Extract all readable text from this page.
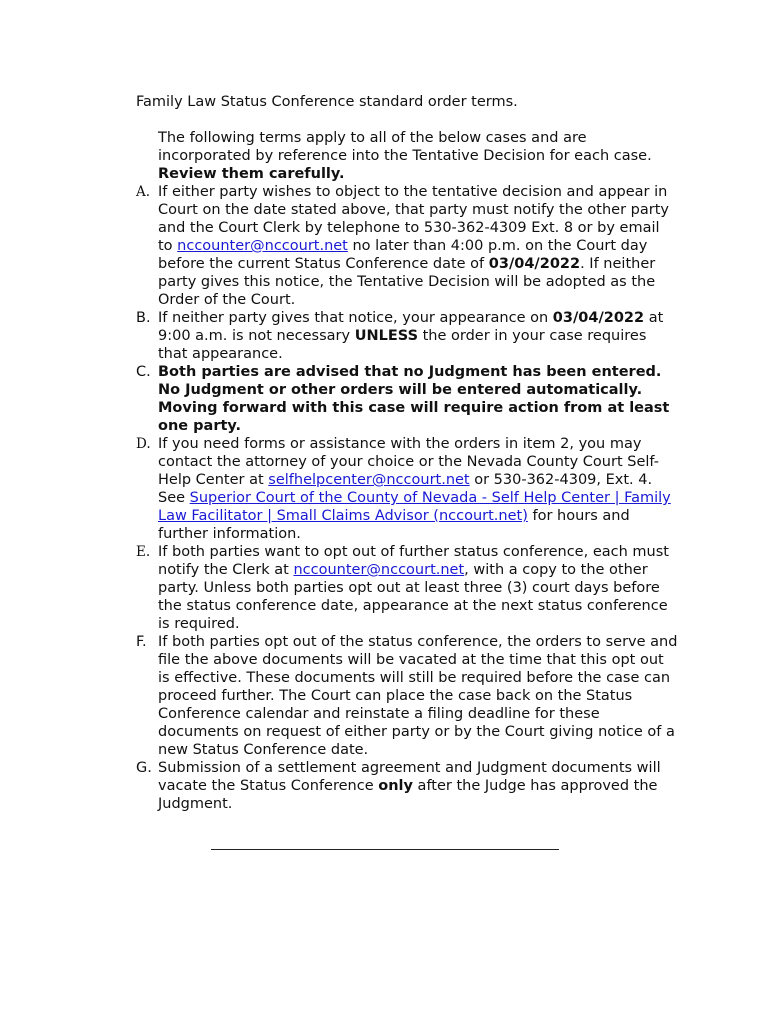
Family Law Status Conference standard order terms.
The following terms apply to all of the below cases and are incorporated by reference into the Tentative Decision for each case.   Review them carefully.
A. If either party wishes to object to the tentative decision and appear in Court on the date stated above, that party must notify the other party and the Court Clerk by telephone to 530-362-4309 Ext. 8 or by email to nccounter@nccourt.net no later than 4:00 p.m. on the Court day before the current Status Conference date of 03/04/2022. If neither party gives this notice, the Tentative Decision will be adopted as the Order of the Court.
B. If neither party gives that notice, your appearance on 03/04/2022 at 9:00 a.m. is not necessary UNLESS the order in your case requires that appearance.
C. Both parties are advised that no Judgment has been entered. No Judgment or other orders will be entered automatically. Moving forward with this case will require action from at least one party.
D. If you need forms or assistance with the orders in item 2, you may contact the attorney of your choice or the Nevada County Court Self-Help Center at selfhelpcenter@nccourt.net or 530-362-4309, Ext. 4. See Superior Court of the County of Nevada - Self Help Center | Family Law Facilitator | Small Claims Advisor (nccourt.net) for hours and further information.
E. If both parties want to opt out of further status conference, each must notify the Clerk at nccounter@nccourt.net, with a copy to the other party. Unless both parties opt out at least three (3) court days before the status conference date, appearance at the next status conference is required.
F. If both parties opt out of the status conference, the orders to serve and file the above documents will be vacated at the time that this opt out is effective. These documents will still be required before the case can proceed further. The Court can place the case back on the Status Conference calendar and reinstate a filing deadline for these documents on request of either party or by the Court giving notice of a new Status Conference date.
G. Submission of a settlement agreement and Judgment documents will vacate the Status Conference only after the Judge has approved the Judgment.
